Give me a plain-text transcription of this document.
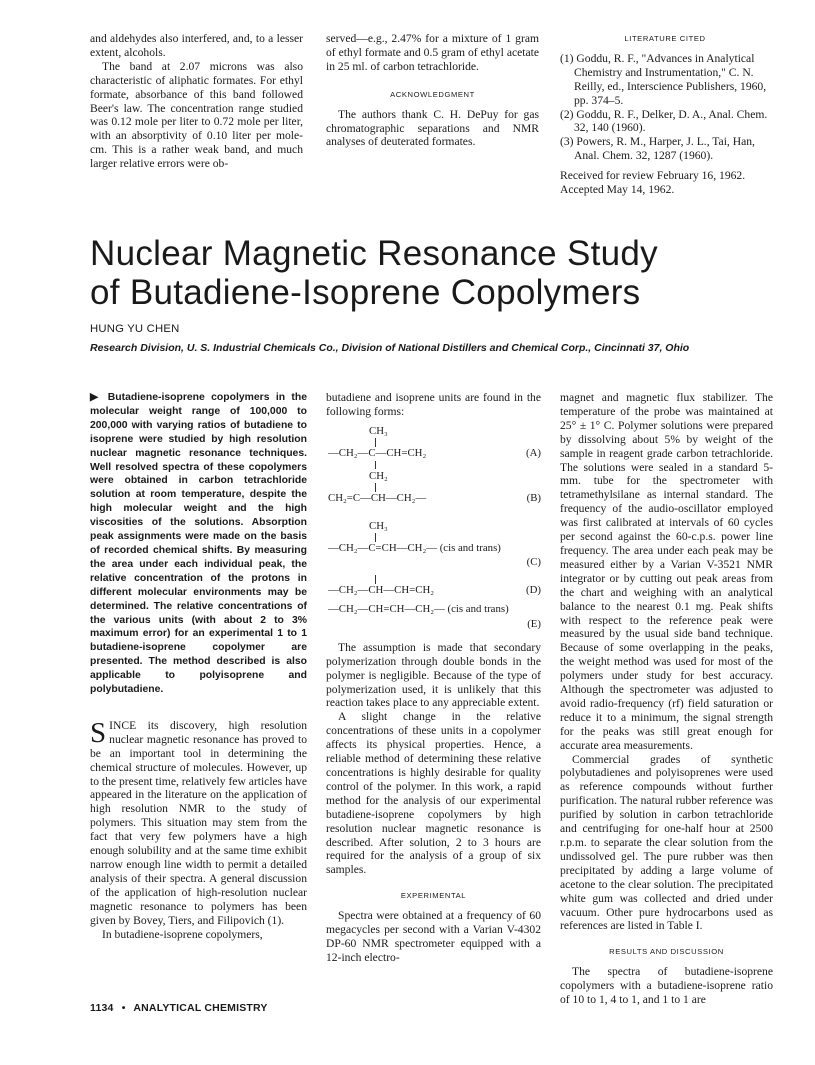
and aldehydes also interfered, and, to a lesser extent, alcohols.

The band at 2.07 microns was also characteristic of aliphatic formates. For ethyl formate, absorbance of this band followed Beer's law. The concentration range studied was 0.12 mole per liter to 0.72 mole per liter, with an absorptivity of 0.10 liter per mole-cm. This is a rather weak band, and much larger relative errors were ob-

served—e.g., 2.47% for a mixture of 1 gram of ethyl formate and 0.5 gram of ethyl acetate in 25 ml. of carbon tetrachloride.

ACKNOWLEDGMENT

The authors thank C. H. DePuy for gas chromatographic separations and NMR analyses of deuterated formates.

LITERATURE CITED

(1) Goddu, R. F., "Advances in Analytical Chemistry and Instrumentation," C. N. Reilly, ed., Interscience Publishers, 1960, pp. 374–5.

(2) Goddu, R. F., Delker, D. A., Anal. Chem. 32, 140 (1960).

(3) Powers, R. M., Harper, J. L., Tai, Han, Anal. Chem. 32, 1287 (1960).

Received for review February 16, 1962. Accepted May 14, 1962.

Nuclear Magnetic Resonance Study
of Butadiene-Isoprene Copolymers
HUNG YU CHEN
Research Division, U. S. Industrial Chemicals Co., Division of National Distillers and Chemical Corp., Cincinnati 37, Ohio
▶ Butadiene-isoprene copolymers in the molecular weight range of 100,000 to 200,000 with varying ratios of butadiene to isoprene were studied by high resolution nuclear magnetic resonance techniques. Well resolved spectra of these copolymers were obtained in carbon tetrachloride solution at room temperature, despite the high molecular weight and the high viscosities of the solutions. Absorption peak assignments were made on the basis of recorded chemical shifts. By measuring the area under each individual peak, the relative concentration of the protons in different molecular environments may be determined. The relative concentrations of the various units (with about 2 to 3% maximum error) for an experimental 1 to 1 butadiene-isoprene copolymer are presented. The method described is also applicable to polyisoprene and polybutadiene.

SINCE its discovery, high resolution nuclear magnetic resonance has proved to be an important tool in determining the chemical structure of molecules. However, up to the present time, relatively few articles have appeared in the literature on the application of high resolution NMR to the study of polymers. This situation may stem from the fact that very few polymers have a high enough solubility and at the same time exhibit narrow enough line width to permit a detailed analysis of their spectra. A general discussion of the application of high-resolution nuclear magnetic resonance to polymers has been given by Bovey, Tiers, and Filipovich (1).

In butadiene-isoprene copolymers,

butadiene and isoprene units are found in the following forms:

CH₃
—CH₂—C—CH=CH₂	(A)
CH₂
CH₂=C—CH—CH₂—	(B)
CH₃
—CH₂—C=CH—CH₂— (cis and trans)
(C)
—CH₂—CH—CH=CH₂	(D)
—CH₂—CH=CH—CH₂— (cis and trans)
(E)

The assumption is made that secondary polymerization through double bonds in the polymer is negligible. Because of the type of polymerization used, it is unlikely that this reaction takes place to any appreciable extent.

A slight change in the relative concentrations of these units in a copolymer affects its physical properties. Hence, a reliable method of determining these relative concentrations is highly desirable for quality control of the polymer. In this work, a rapid method for the analysis of our experimental butadiene-isoprene copolymers by high resolution nuclear magnetic resonance is described. After solution, 2 to 3 hours are required for the analysis of a group of six samples.

EXPERIMENTAL

Spectra were obtained at a frequency of 60 megacycles per second with a Varian V-4302 DP-60 NMR spectrometer equipped with a 12-inch electro-

magnet and magnetic flux stabilizer. The temperature of the probe was maintained at 25° ± 1° C. Polymer solutions were prepared by dissolving about 5% by weight of the sample in reagent grade carbon tetrachloride. The solutions were sealed in a standard 5-mm. tube for the spectrometer with tetramethylsilane as internal standard. The frequency of the audio-oscillator employed was first calibrated at intervals of 60 cycles per second against the 60-c.p.s. power line frequency. The area under each peak may be measured either by a Varian V-3521 NMR integrator or by cutting out peak areas from the chart and weighing with an analytical balance to the nearest 0.1 mg. Peak shifts with respect to the reference peak were measured by the usual side band technique. Because of some overlapping in the peaks, the weight method was used for most of the polymers under study for best accuracy. Although the spectrometer was adjusted to avoid radio-frequency (rf) field saturation or reduce it to a minimum, the signal strength for the peaks was still great enough for accurate area measurements.

Commercial grades of synthetic polybutadienes and polyisoprenes were used as reference compounds without further purification. The natural rubber reference was purified by solution in carbon tetrachloride and centrifuging for one-half hour at 2500 r.p.m. to separate the clear solution from the undissolved gel. The pure rubber was then precipitated by adding a large volume of acetone to the clear solution. The precipitated white gum was collected and dried under vacuum. Other pure hydrocarbons used as references are listed in Table I.

RESULTS AND DISCUSSION

The spectra of butadiene-isoprene copolymers with a butadiene-isoprene ratio of 10 to 1, 4 to 1, and 1 to 1 are

1134 • ANALYTICAL CHEMISTRY
